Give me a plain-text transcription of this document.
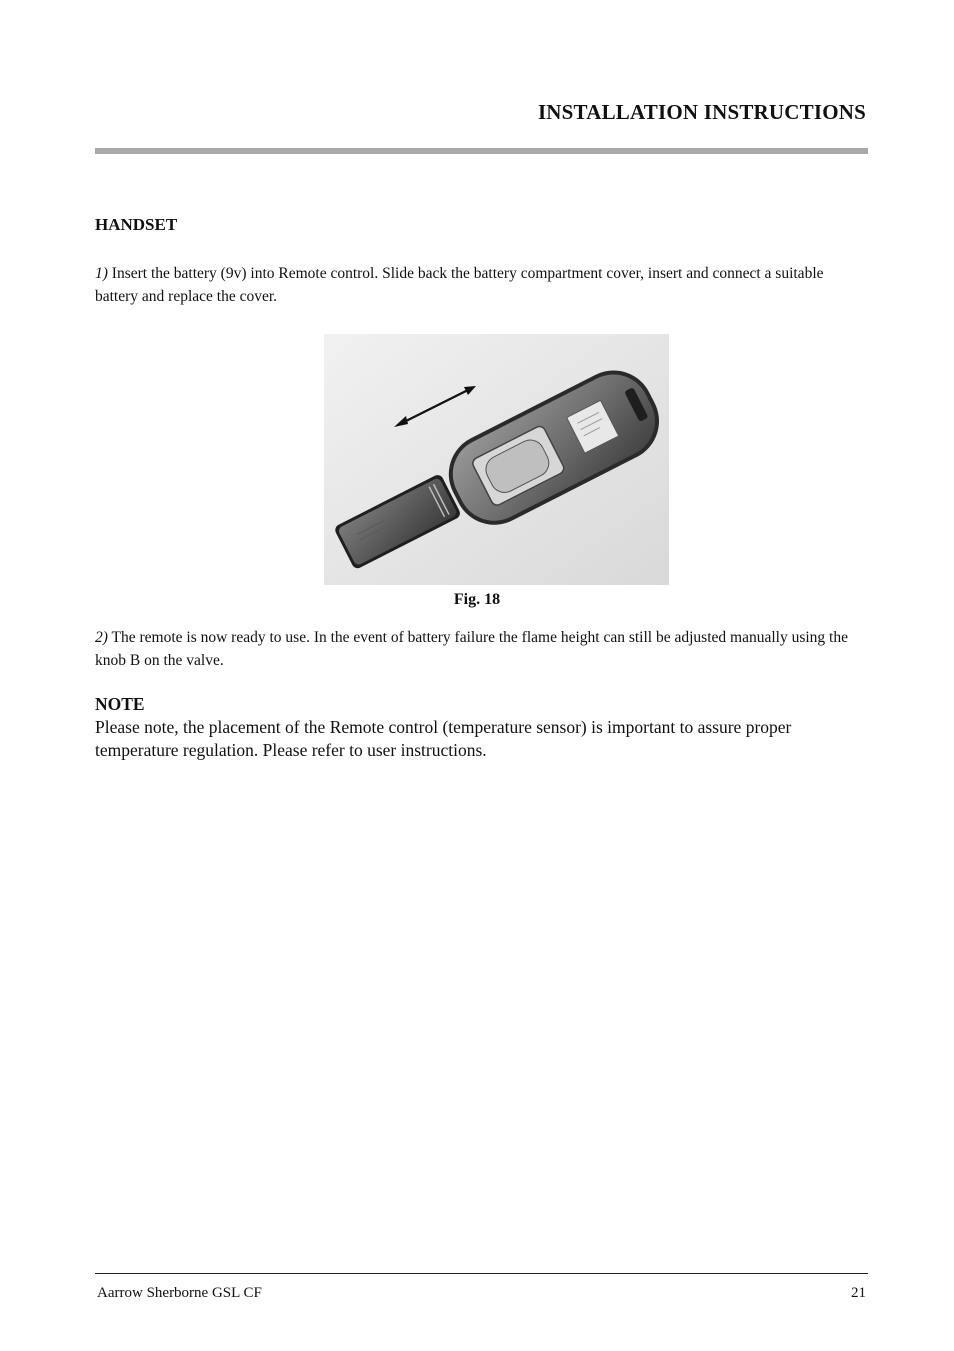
INSTALLATION INSTRUCTIONS
HANDSET
1) Insert the battery (9v) into Remote control. Slide back the battery compartment cover, insert and connect a suitable battery and replace the cover.
Fig. 18
2) The remote is now ready to use. In the event of battery failure the flame height can still be adjusted manually using the knob B on the valve.
NOTE
Please note, the placement of the Remote control (temperature sensor) is important to assure proper temperature regulation. Please refer to user instructions.
Aarrow Sherborne GSL CF	21
